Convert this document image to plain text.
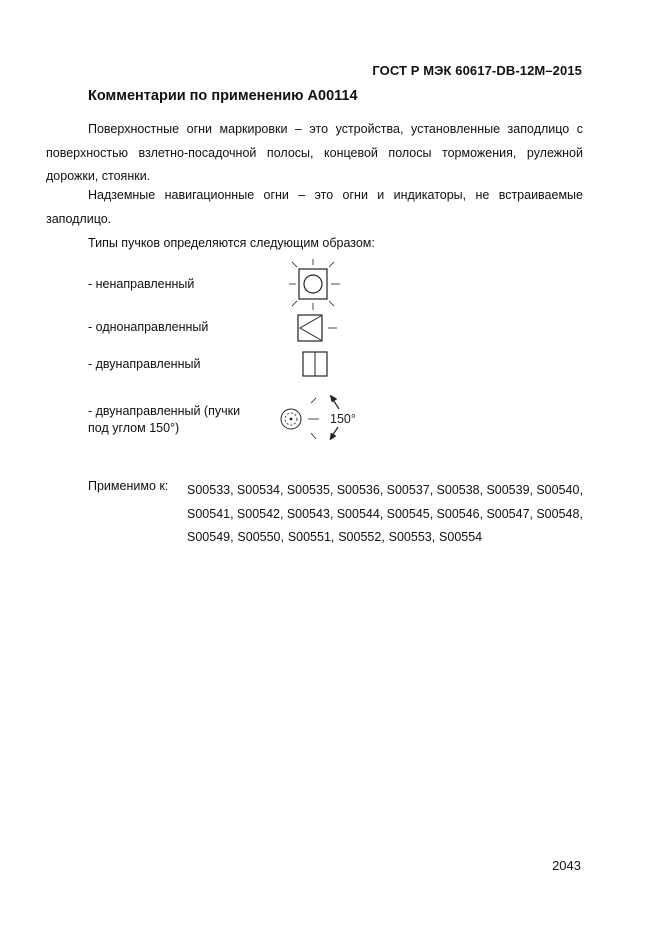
ГОСТ Р МЭК 60617-DB-12M–2015
Комментарии по применению A00114
Поверхностные огни маркировки – это устройства, установленные заподлицо с поверхностью взлетно-посадочной полосы, концевой полосы торможения, рулежной дорожки, стоянки.
Надземные навигационные огни – это огни и индикаторы, не встраиваемые заподлицо.
Типы пучков определяются следующим образом:
- ненаправленный
- однонаправленный
- двунаправленный
- двунаправленный (пучки
под углом 150°)
150°
Применимо к: S00533, S00534, S00535, S00536, S00537, S00538, S00539, S00540,
S00541, S00542, S00543, S00544, S00545, S00546, S00547, S00548,
S00549, S00550, S00551, S00552, S00553, S00554
2043
